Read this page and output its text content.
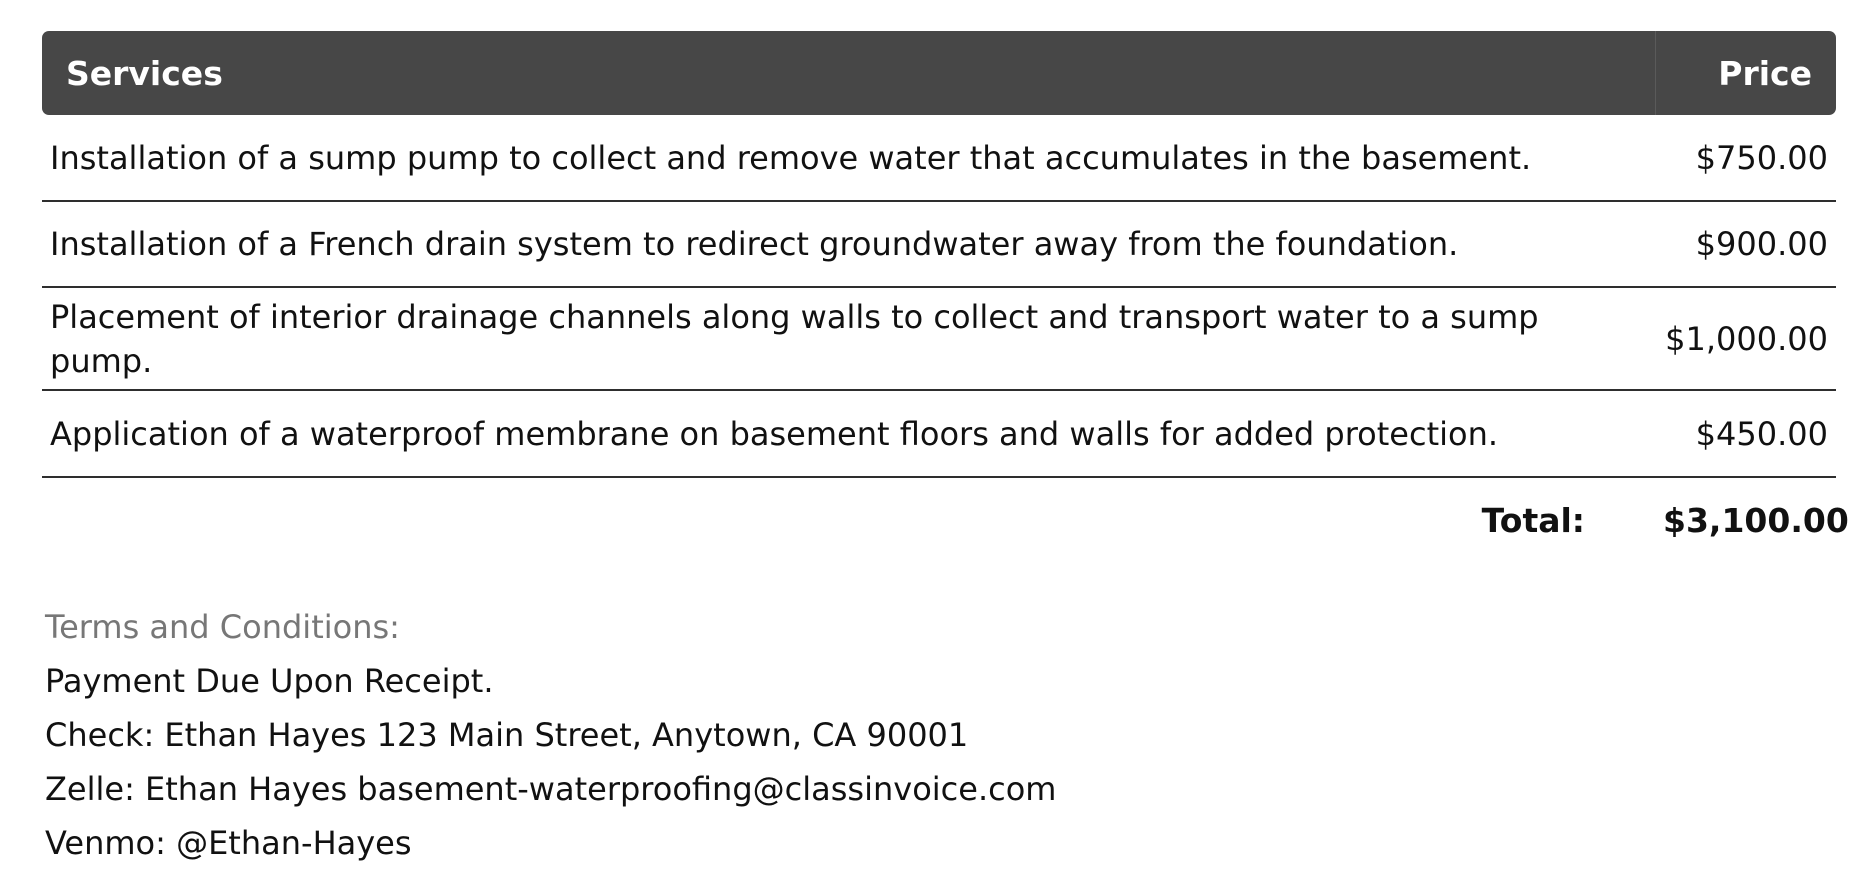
Services	Price
Installation of a sump pump to collect and remove water that accumulates in the basement.	$750.00
Installation of a French drain system to redirect groundwater away from the foundation.	$900.00
Placement of interior drainage channels along walls to collect and transport water to a sump pump.	$1,000.00
Application of a waterproof membrane on basement floors and walls for added protection.	$450.00
Total:	$3,100.00
Terms and Conditions:
Payment Due Upon Receipt.
Check: Ethan Hayes 123 Main Street, Anytown, CA 90001
Zelle: Ethan Hayes basement-waterproofing@classinvoice.com
Venmo: @Ethan-Hayes
